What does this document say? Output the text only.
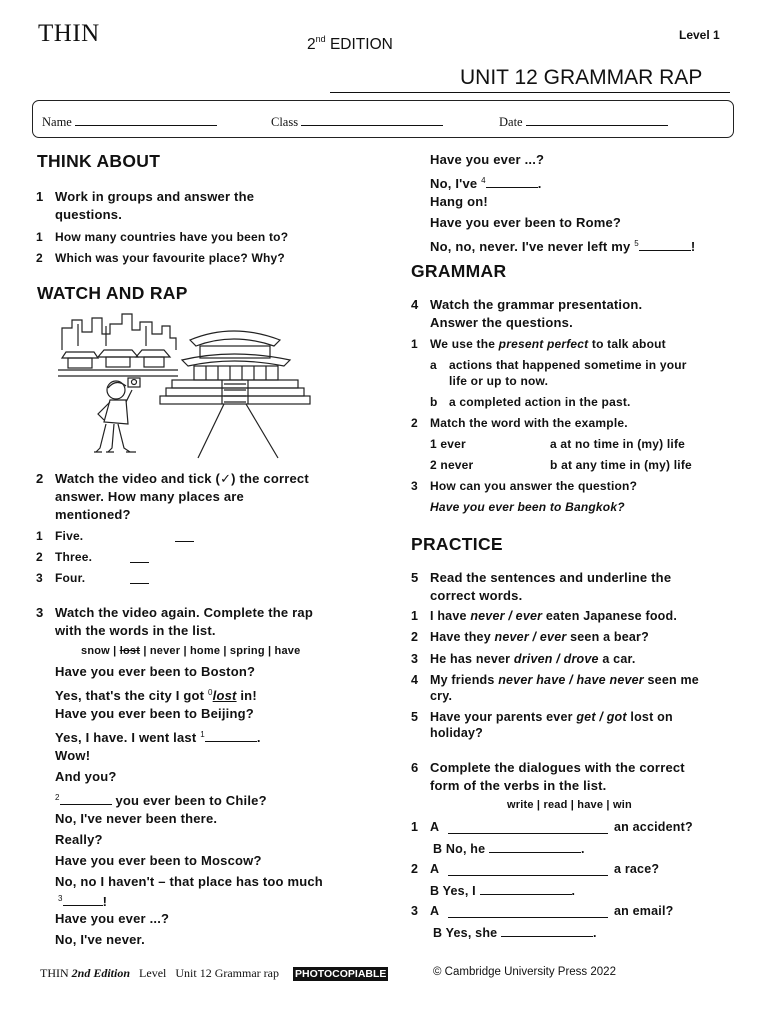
THIN	2nd EDITION
Level 1
UNIT 12 GRAMMAR RAP
Name	Class	Date
THINK ABOUT
1 Work in groups and answer the
questions.
1 How many countries have you been to?
2 Which was your favourite place? Why?
WATCH AND RAP
2 Watch the video and tick (✓) the correct
answer. How many places are
mentioned?
1 Five.
2 Three.
3 Four.
3 Watch the video again. Complete the rap
with the words in the list.
snow | lost | never | home | spring | have
Have you ever been to Boston?
Yes, that's the city I got $^0$lost in!
Have you ever been to Beijing?
Yes, I have. I went last $^1$	.
Wow!
And you?
$^2$	you ever been to Chile?
No, I've never been there.
Really?
Have you ever been to Moscow?
No, no I haven't – that place has too much
$^3$	!
Have you ever ...?
No, I've never.
Have you ever ...?
No, I've $^4$	.
Hang on!
Have you ever been to Rome?
No, no, never. I've never left my $^5$	!
GRAMMAR
4 Watch the grammar presentation.
Answer the questions.
1 We use the present perfect to talk about
a actions that happened sometime in your
life or up to now.
b a completed action in the past.
2 Match the word with the example.
1 ever	a at no time in (my) life
2 never	b at any time in (my) life
3 How can you answer the question?
Have you ever been to Bangkok?
PRACTICE
5 Read the sentences and underline the
correct words.
1 I have never / ever eaten Japanese food.
2 Have they never / ever seen a bear?
3 He has never driven / drove a car.
4 My friends never have / have never seen me
cry.
5 Have your parents ever get / got lost on
holiday?
6 Complete the dialogues with the correct
form of the verbs in the list.
write | read | have | win
1 A	an accident?
B No, he	.
2 A	a race?
B Yes, I	.
3 A	an email?
B Yes, she	.
THIN 2nd Edition Level Unit 12 Grammar rap PHOTOCOPIABLE	© Cambridge University Press 2022
